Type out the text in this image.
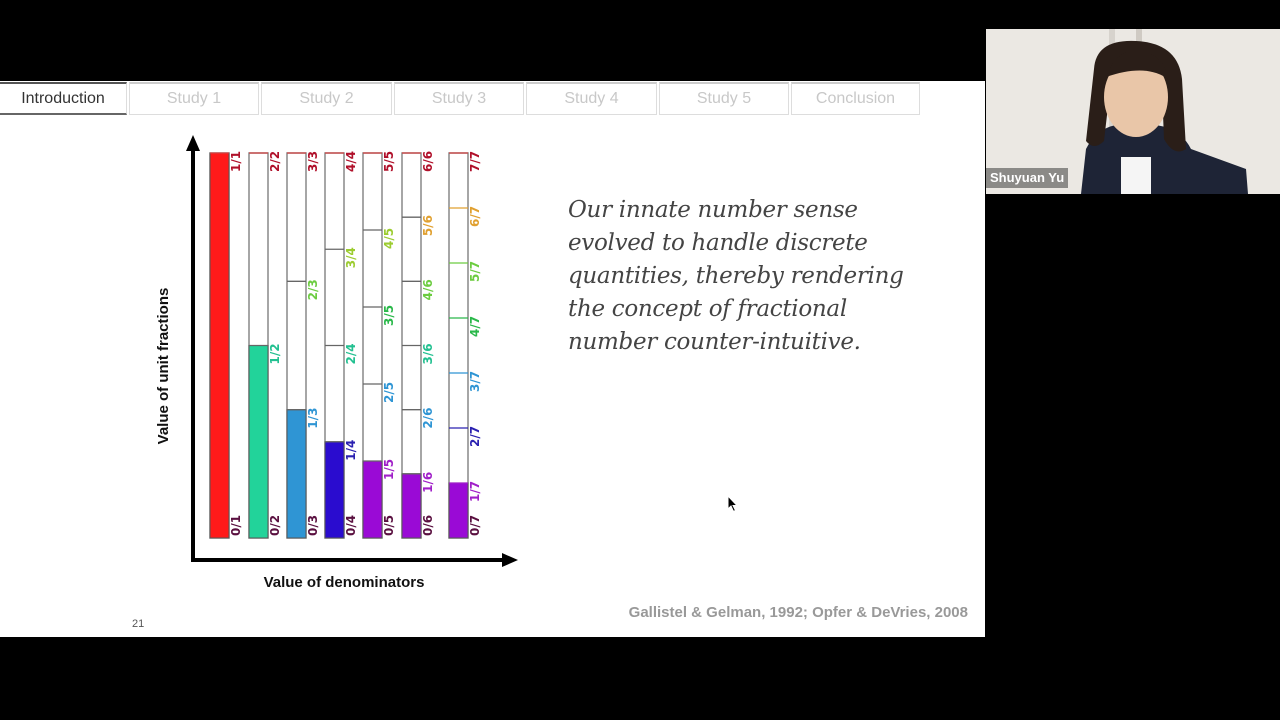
Introduction	Study 1	Study 2	Study 3	Study 4	Study 5	Conclusion
0/1
1/1
0/2
1/2
2/2
0/3
1/3
2/3
3/3
0/4
1/4
2/4
3/4
4/4
0/5
1/5
2/5
3/5
4/5
5/5
0/6
1/6
2/6
3/6
4/6
5/6
6/6
0/7
1/7
2/7
3/7
4/7
5/7
6/7
7/7
Value of unit fractions
Value of denominators
Our innate number sense evolved to handle discrete quantities, thereby rendering the concept of fractional number counter-intuitive.
Gallistel & Gelman, 1992; Opfer & DeVries, 2008
21
Shuyuan Yu
